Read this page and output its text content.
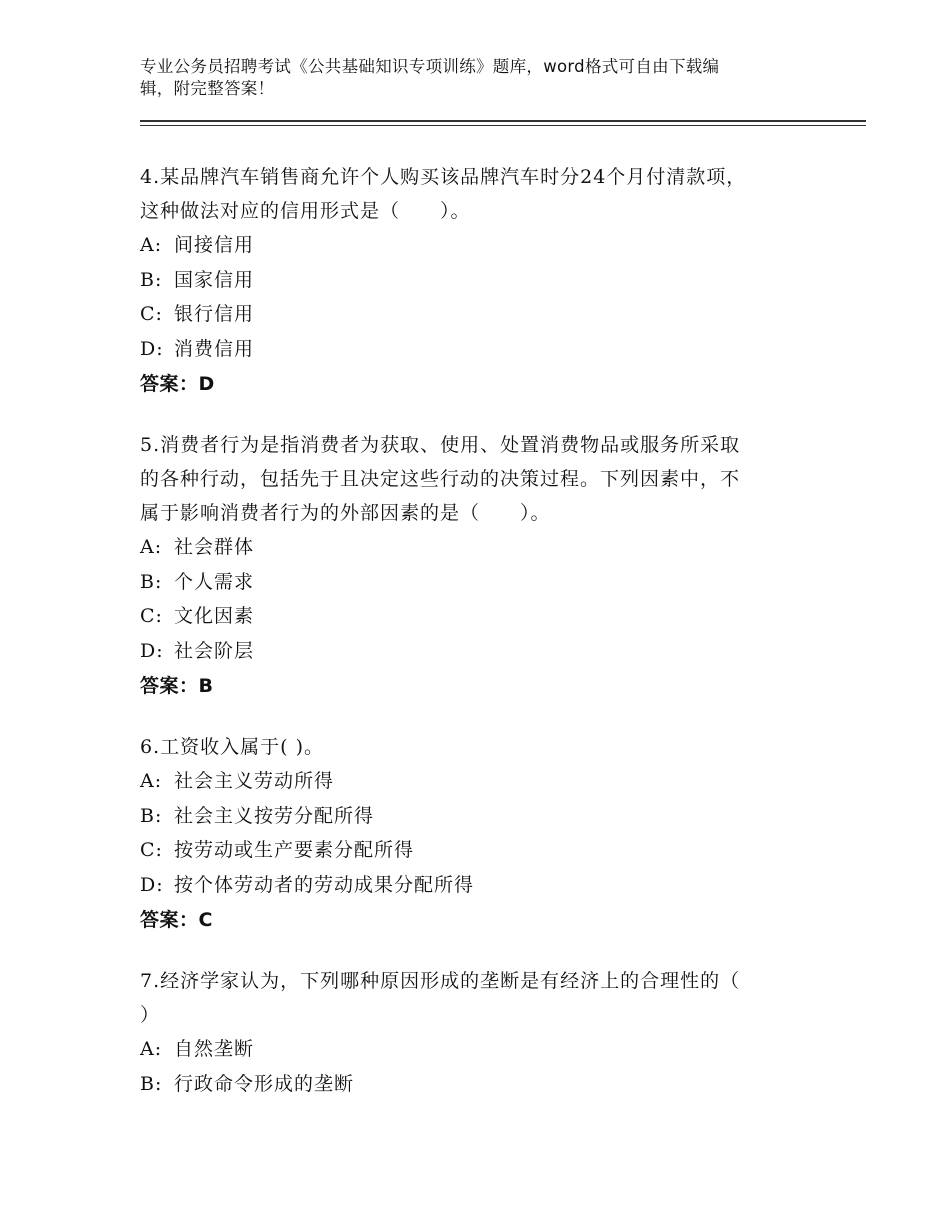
专业公务员招聘考试《公共基础知识专项训练》题库，word格式可自由下载编
辑，附完整答案！
4.某品牌汽车销售商允许个人购买该品牌汽车时分24个月付清款项，
这种做法对应的信用形式是（　　）。
A: 间接信用
B: 国家信用
C: 银行信用
D: 消费信用
答案：D
5.消费者行为是指消费者为获取、使用、处置消费物品或服务所采取
的各种行动，包括先于且决定这些行动的决策过程。下列因素中，不
属于影响消费者行为的外部因素的是（　　）。
A: 社会群体
B: 个人需求
C: 文化因素
D: 社会阶层
答案：B
6.工资收入属于( )。
A: 社会主义劳动所得
B: 社会主义按劳分配所得
C: 按劳动或生产要素分配所得
D: 按个体劳动者的劳动成果分配所得
答案：C
7.经济学家认为，下列哪种原因形成的垄断是有经济上的合理性的（
）
A: 自然垄断
B: 行政命令形成的垄断
